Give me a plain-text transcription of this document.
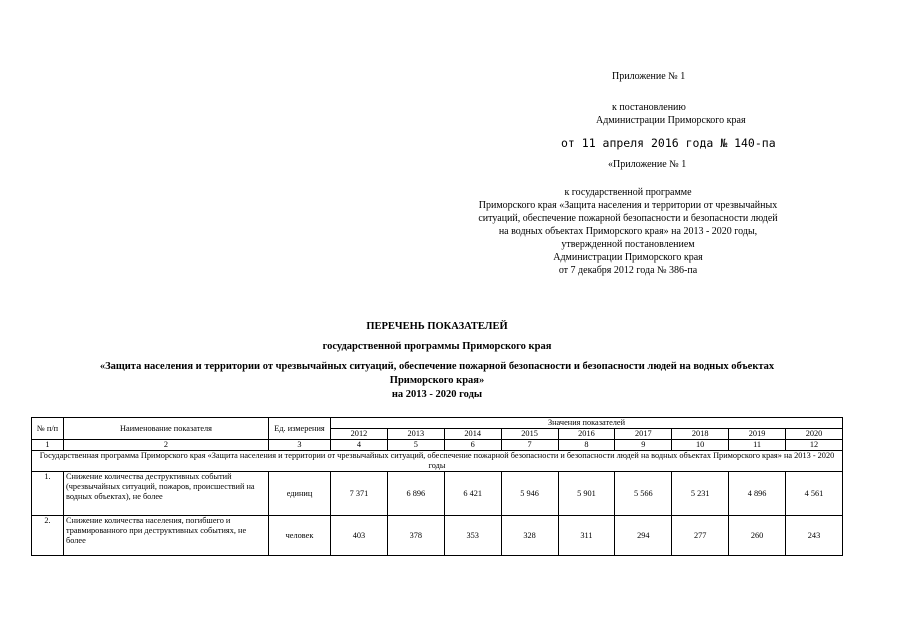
Приложение № 1
к постановлению
Администрации Приморского края
от 11 апреля 2016 года № 140-па
«Приложение № 1
к государственной программе
Приморского края «Защита населения и территории от чрезвычайных
ситуаций, обеспечение пожарной безопасности и безопасности людей
на водных объектах Приморского края» на 2013 - 2020 годы,
утвержденной постановлением
Администрации Приморского края
от 7 декабря 2012 года № 386-па
ПЕРЕЧЕНЬ ПОКАЗАТЕЛЕЙ
государственной программы Приморского края
«Защита населения и территории от чрезвычайных ситуаций, обеспечение пожарной безопасности и безопасности людей на водных объектах
Приморского края»
на 2013 - 2020 годы
№ п/п	Наименование показателя	Ед. измерения	Значения показателей								
			2012	2013	2014	2015	2016	2017	2018	2019	2020
1	2	3	4	5	6	7	8	9	10	11	12
Государственная программа Приморского края «Защита населения и территории от чрезвычайных ситуаций, обеспечение пожарной безопасности и безопасности людей на водных объектах Приморского края» на 2013 - 2020 годы											
1.	Снижение количества деструктивных событий (чрезвычайных ситуаций, пожаров, происшествий на водных объектах), не более	единиц	7 371	6 896	6 421	5 946	5 901	5 566	5 231	4 896	4 561
2.	Снижение количества населения, погибшего и травмированного при деструктивных событиях, не более	человек	403	378	353	328	311	294	277	260	243
